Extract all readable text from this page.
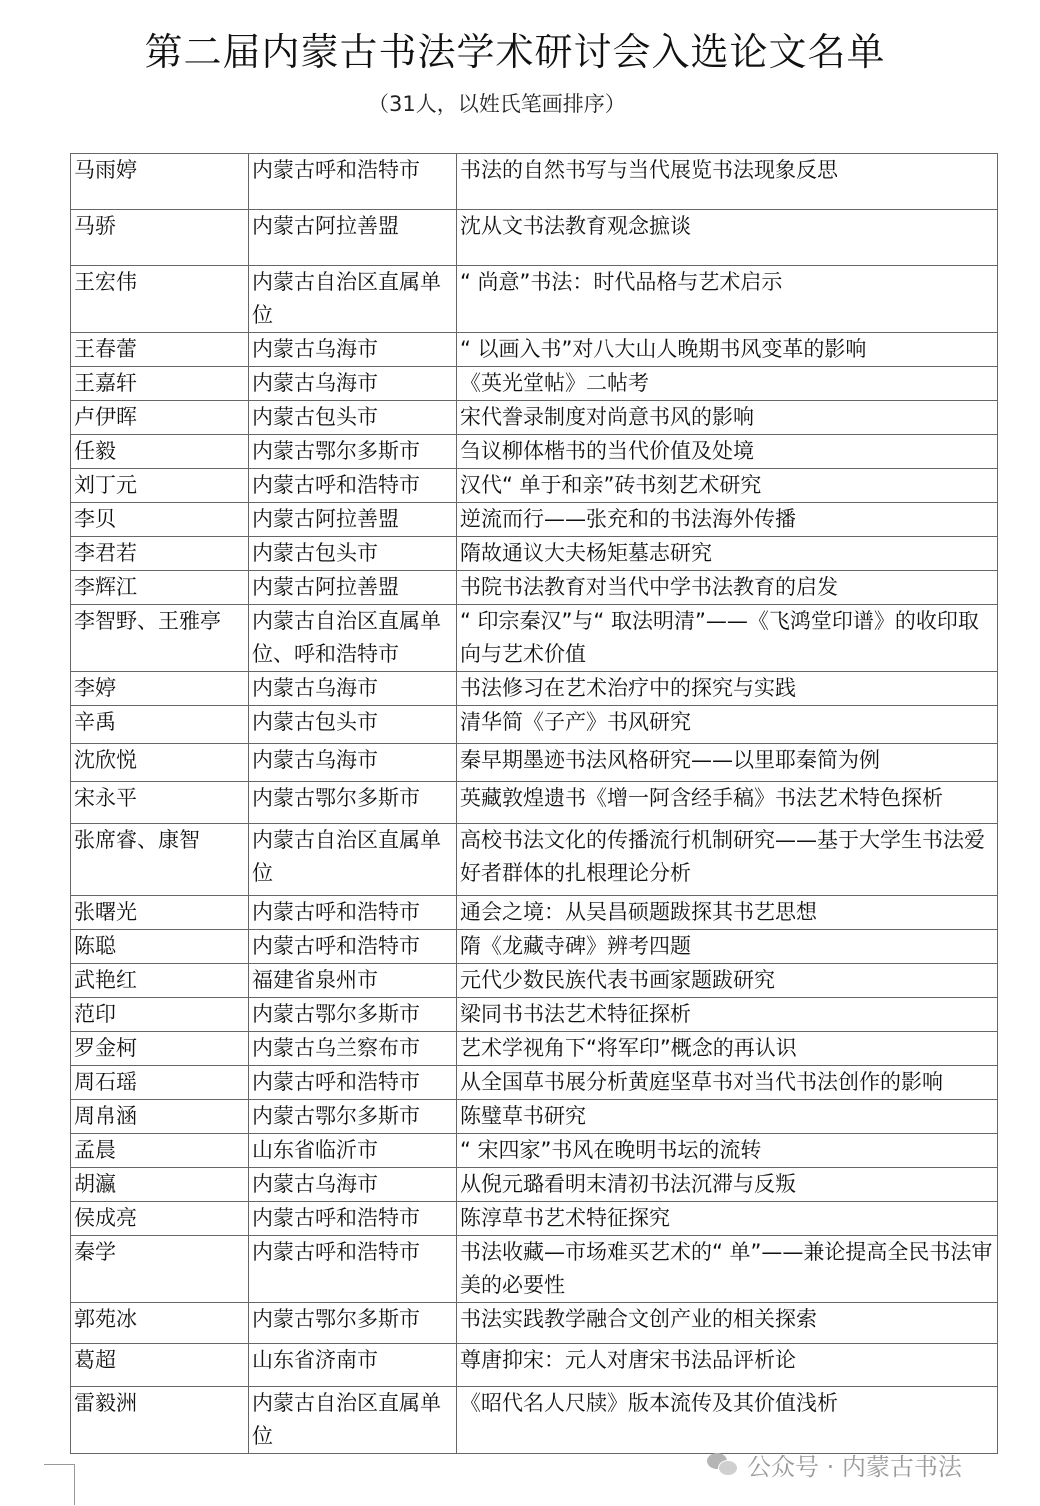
第二届内蒙古书法学术研讨会入选论文名单
（31人，以姓氏笔画排序）
马雨婷	内蒙古呼和浩特市	书法的自然书写与当代展览书法现象反思
马骄	内蒙古阿拉善盟	沈从文书法教育观念摭谈
王宏伟	内蒙古自治区直属单位	“ 尚意”书法：时代品格与艺术启示
王春蕾	内蒙古乌海市	“ 以画入书”对八大山人晚期书风变革的影响
王嘉轩	内蒙古乌海市	《英光堂帖》二帖考
卢伊晖	内蒙古包头市	宋代誊录制度对尚意书风的影响
任毅	内蒙古鄂尔多斯市	刍议柳体楷书的当代价值及处境
刘丁元	内蒙古呼和浩特市	汉代“ 单于和亲”砖书刻艺术研究
李贝	内蒙古阿拉善盟	逆流而行——张充和的书法海外传播
李君若	内蒙古包头市	隋故通议大夫杨矩墓志研究
李辉江	内蒙古阿拉善盟	书院书法教育对当代中学书法教育的启发
李智野、王雅亭	内蒙古自治区直属单位、呼和浩特市	“ 印宗秦汉”与“ 取法明清”——《飞鸿堂印谱》的收印取向与艺术价值
李婷	内蒙古乌海市	书法修习在艺术治疗中的探究与实践
辛禹	内蒙古包头市	清华简《子产》书风研究
沈欣悦	内蒙古乌海市	秦早期墨迹书法风格研究——以里耶秦简为例
宋永平	内蒙古鄂尔多斯市	英藏敦煌遗书《增一阿含经手稿》书法艺术特色探析
张席睿、康智	内蒙古自治区直属单位	高校书法文化的传播流行机制研究——基于大学生书法爱好者群体的扎根理论分析
张曙光	内蒙古呼和浩特市	通会之境：从吴昌硕题跋探其书艺思想
陈聪	内蒙古呼和浩特市	隋《龙藏寺碑》辨考四题
武艳红	福建省泉州市	元代少数民族代表书画家题跋研究
范印	内蒙古鄂尔多斯市	梁同书书法艺术特征探析
罗金柯	内蒙古乌兰察布市	艺术学视角下“将军印”概念的再认识
周石瑶	内蒙古呼和浩特市	从全国草书展分析黄庭坚草书对当代书法创作的影响
周帛涵	内蒙古鄂尔多斯市	陈璧草书研究
孟晨	山东省临沂市	“ 宋四家”书风在晚明书坛的流转
胡瀛	内蒙古乌海市	从倪元璐看明末清初书法沉滞与反叛
侯成亮	内蒙古呼和浩特市	陈淳草书艺术特征探究
秦学	内蒙古呼和浩特市	书法收藏—市场难买艺术的“ 单”——兼论提高全民书法审美的必要性
郭苑冰	内蒙古鄂尔多斯市	书法实践教学融合文创产业的相关探索
葛超	山东省济南市	尊唐抑宋：元人对唐宋书法品评析论
雷毅洲	内蒙古自治区直属单位	《昭代名人尺牍》版本流传及其价值浅析
公众号 · 内蒙古书法
